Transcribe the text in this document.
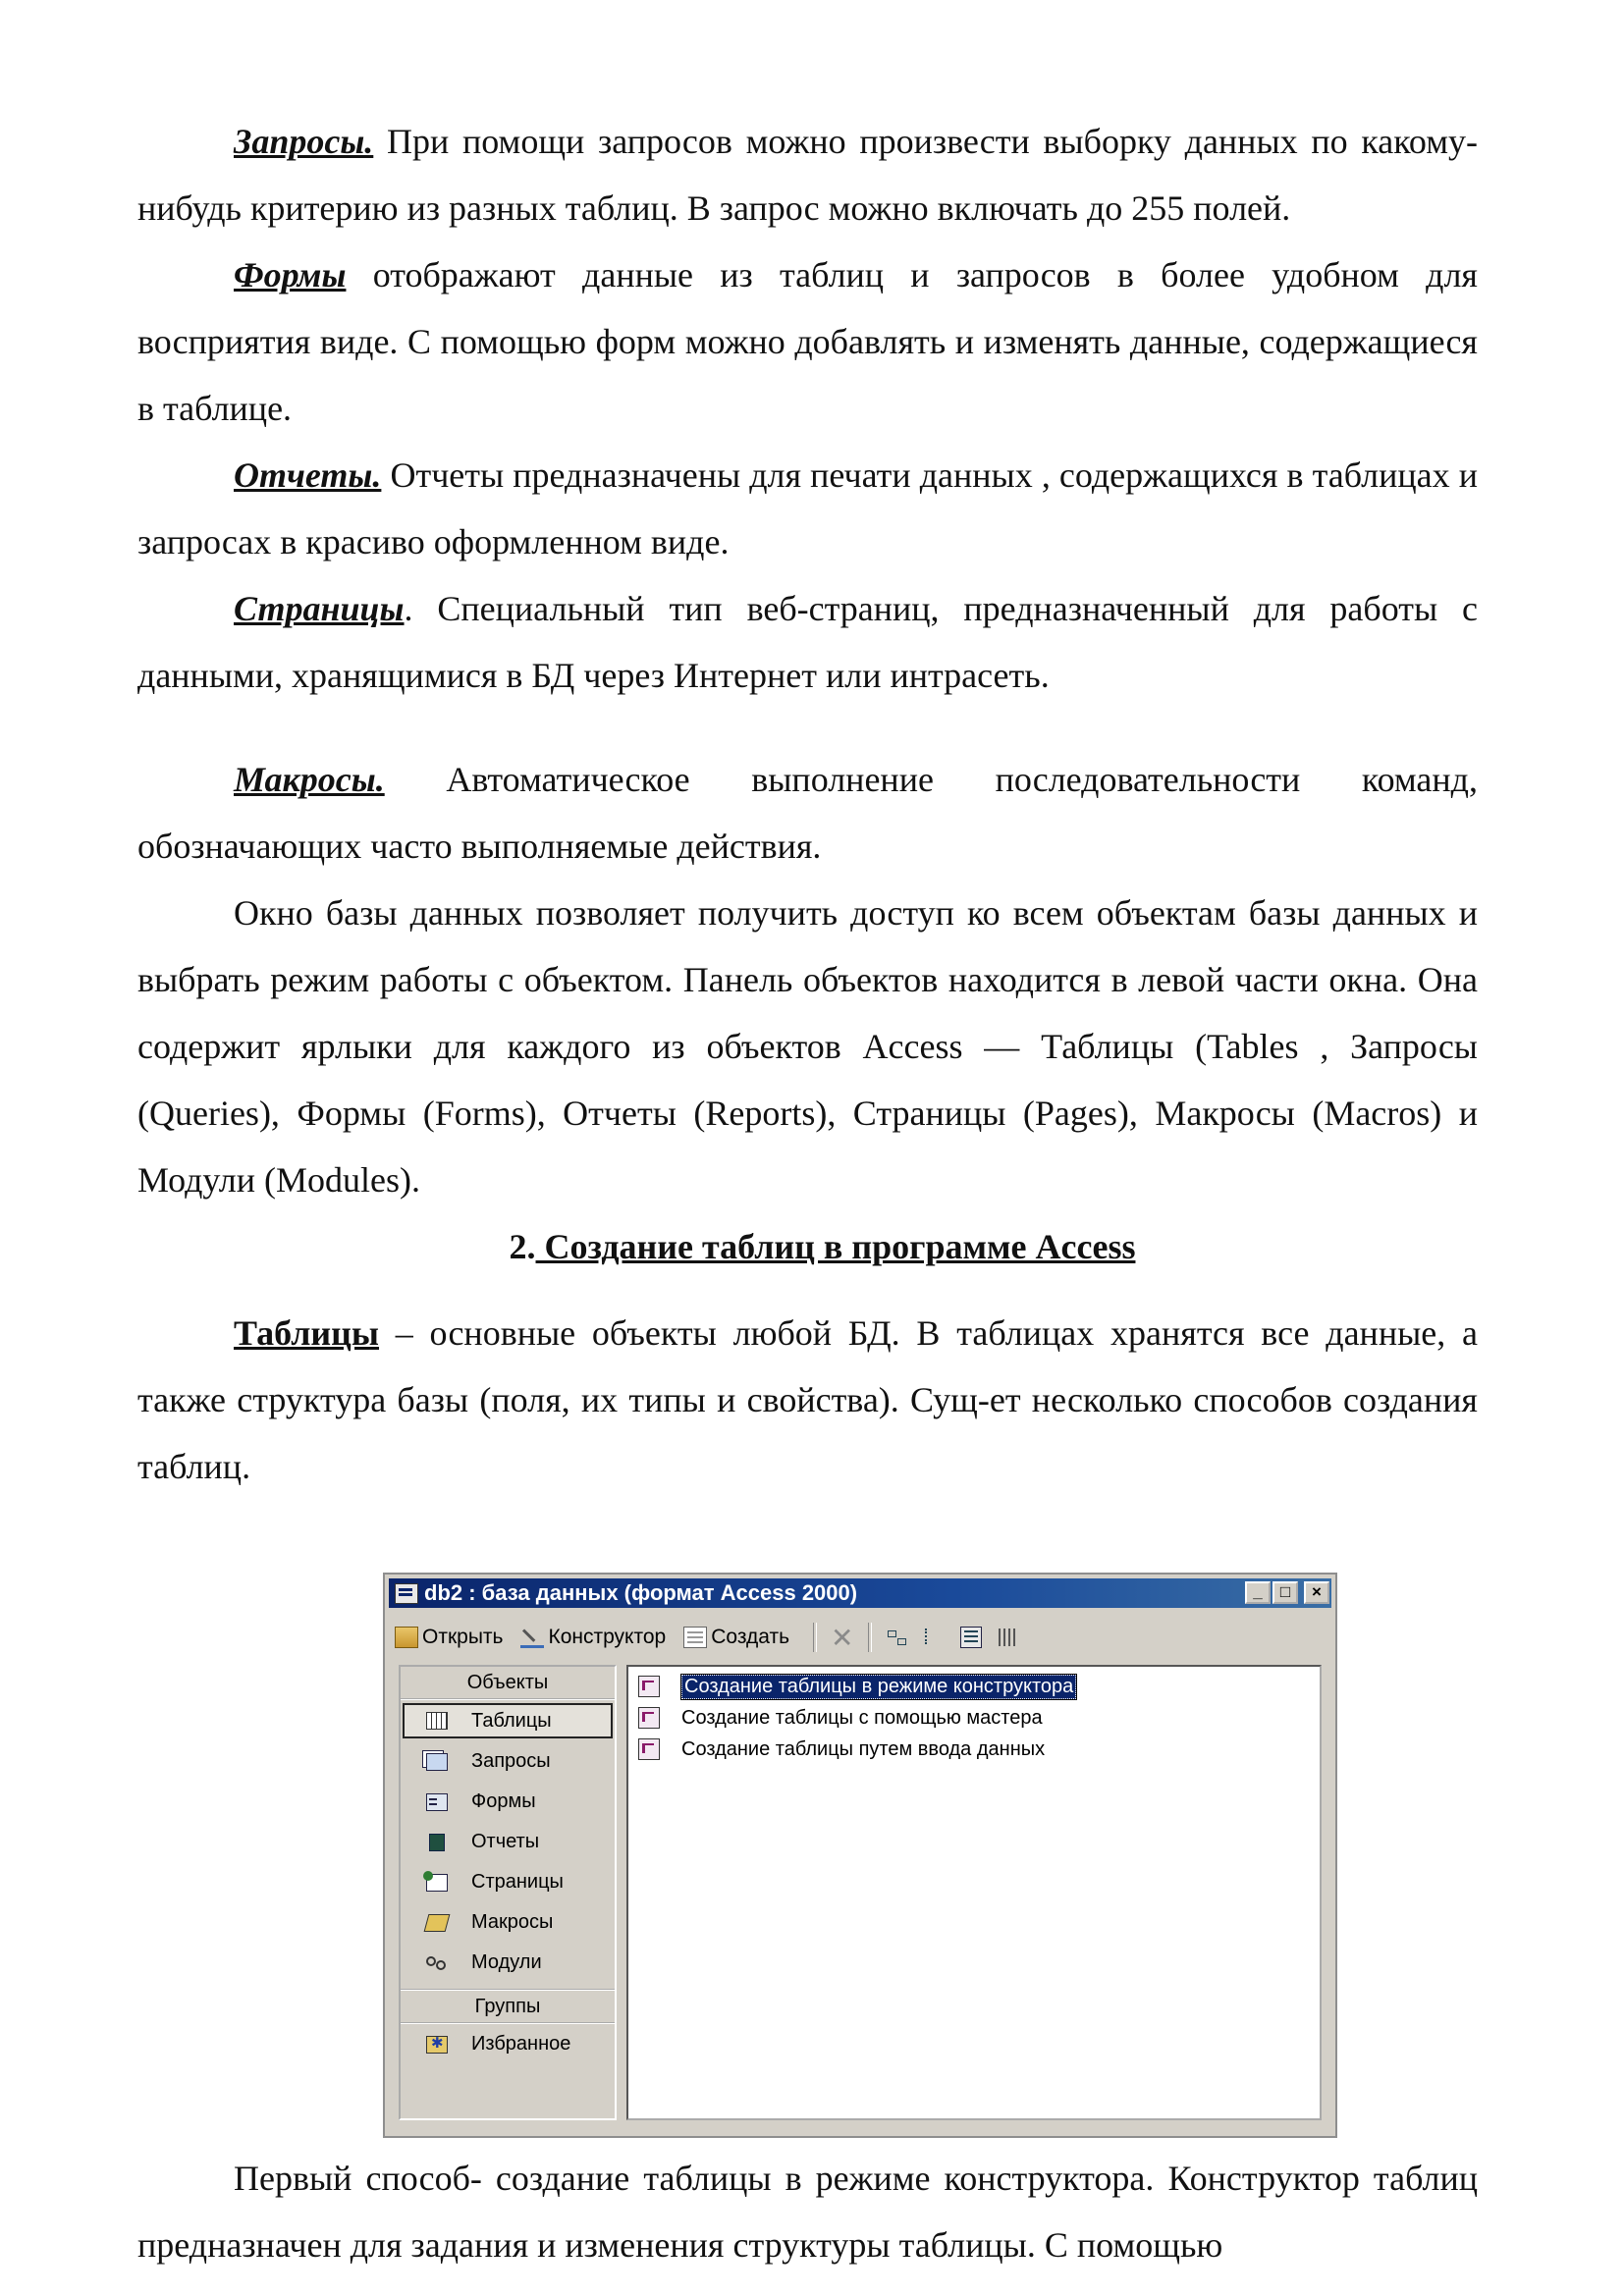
Запросы. При помощи запросов можно произвести выборку данных по какому- нибудь критерию из разных таблиц. В запрос можно включать до 255 полей.

Формы отображают данные из таблиц и запросов в более удобном для восприятия виде. С помощью форм можно добавлять и изменять данные, содержащиеся в таблице.

Отчеты. Отчеты предназначены для печати данных , содержащихся в таблицах и запросах в красиво оформленном виде.

Страницы. Специальный тип веб-страниц, предназначенный для работы с данными, хранящимися в БД через Интернет или интрасеть.

Макросы. Автоматическое выполнение последовательности команд, обозначающих часто выполняемые действия.

Окно базы данных позволяет получить доступ ко всем объектам базы данных и выбрать режим работы с объектом. Панель объектов находится в левой части окна. Она содержит ярлыки для каждого из объектов Access — Таблицы (Tables , Запросы (Queries), Формы (Forms), Отчеты (Reports), Страницы (Pages), Макросы (Macros) и Модули (Modules).

2. Создание таблиц в программе Access

Таблицы – основные объекты любой БД. В таблицах хранятся все данные, а также структура базы (поля, их типы и свойства). Сущ-ет несколько способов создания таблиц.

db2 : база данных (формат Access 2000)	_	□	×
Открыть Конструктор Создать ✕
Объекты
Таблицы
Запросы
Формы
Отчеты
Страницы
Макросы
Модули
Группы
✱
Избранное
Создание таблицы в режиме конструктора
Создание таблицы с помощью мастера
Создание таблицы путем ввода данных

Первый способ- создание таблицы в режиме конструктора. Конструктор таблиц предназначен для задания и изменения структуры таблицы. С помощью
